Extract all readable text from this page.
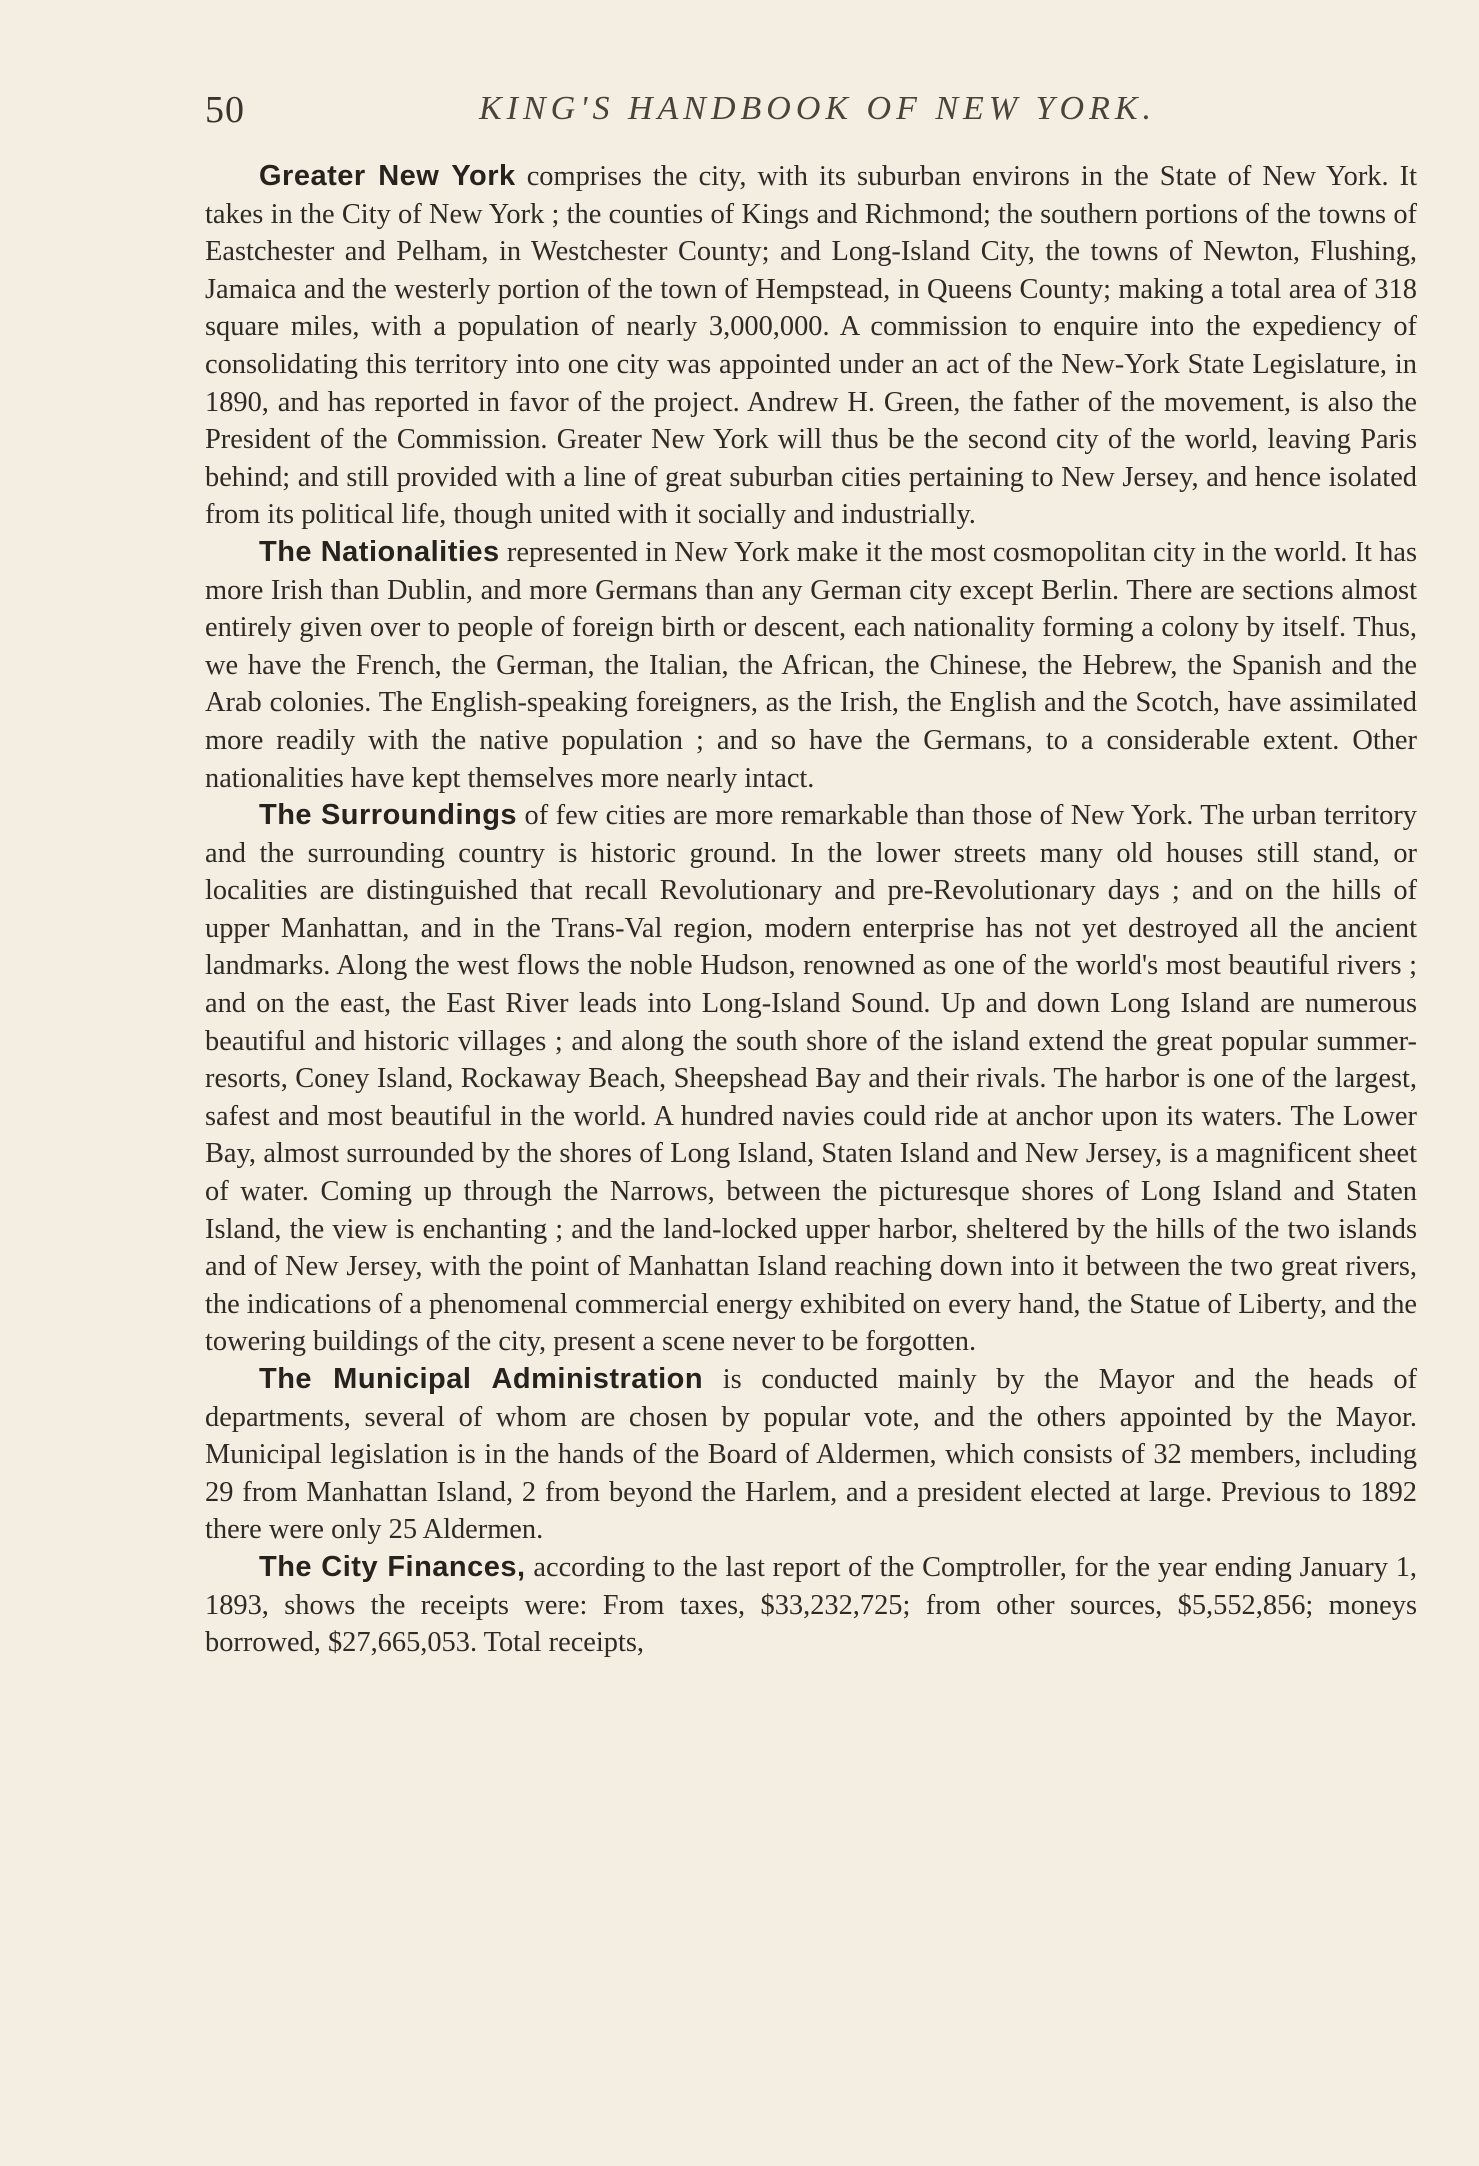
50	KING'S HANDBOOK OF NEW YORK.

Greater New York comprises the city, with its suburban environs in the State of New York. It takes in the City of New York ; the counties of Kings and Richmond; the southern portions of the towns of Eastchester and Pelham, in Westchester County; and Long-Island City, the towns of Newton, Flushing, Jamaica and the westerly portion of the town of Hempstead, in Queens County; making a total area of 318 square miles, with a population of nearly 3,000,000. A commission to enquire into the expediency of consolidating this territory into one city was appointed under an act of the New-York State Legislature, in 1890, and has reported in favor of the project. Andrew H. Green, the father of the movement, is also the President of the Commission. Greater New York will thus be the second city of the world, leaving Paris behind; and still provided with a line of great suburban cities pertaining to New Jersey, and hence isolated from its political life, though united with it socially and industrially.

The Nationalities represented in New York make it the most cosmopolitan city in the world. It has more Irish than Dublin, and more Germans than any German city except Berlin. There are sections almost entirely given over to people of foreign birth or descent, each nationality forming a colony by itself. Thus, we have the French, the German, the Italian, the African, the Chinese, the Hebrew, the Spanish and the Arab colonies. The English-speaking foreigners, as the Irish, the English and the Scotch, have assimilated more readily with the native population ; and so have the Germans, to a considerable extent. Other nationalities have kept themselves more nearly intact.

The Surroundings of few cities are more remarkable than those of New York. The urban territory and the surrounding country is historic ground. In the lower streets many old houses still stand, or localities are distinguished that recall Revolutionary and pre-Revolutionary days ; and on the hills of upper Manhattan, and in the Trans-Val region, modern enterprise has not yet destroyed all the ancient landmarks. Along the west flows the noble Hudson, renowned as one of the world's most beautiful rivers ; and on the east, the East River leads into Long-Island Sound. Up and down Long Island are numerous beautiful and historic villages ; and along the south shore of the island extend the great popular summer-resorts, Coney Island, Rockaway Beach, Sheepshead Bay and their rivals. The harbor is one of the largest, safest and most beautiful in the world. A hundred navies could ride at anchor upon its waters. The Lower Bay, almost surrounded by the shores of Long Island, Staten Island and New Jersey, is a magnificent sheet of water. Coming up through the Narrows, between the picturesque shores of Long Island and Staten Island, the view is enchanting ; and the land-locked upper harbor, sheltered by the hills of the two islands and of New Jersey, with the point of Manhattan Island reaching down into it between the two great rivers, the indications of a phenomenal commercial energy exhibited on every hand, the Statue of Liberty, and the towering buildings of the city, present a scene never to be forgotten.

The Municipal Administration is conducted mainly by the Mayor and the heads of departments, several of whom are chosen by popular vote, and the others appointed by the Mayor. Municipal legislation is in the hands of the Board of Aldermen, which consists of 32 members, including 29 from Manhattan Island, 2 from beyond the Harlem, and a president elected at large. Previous to 1892 there were only 25 Aldermen.

The City Finances, according to the last report of the Comptroller, for the year ending January 1, 1893, shows the receipts were: From taxes, $33,232,725; from other sources, $5,552,856; moneys borrowed, $27,665,053. Total receipts,
